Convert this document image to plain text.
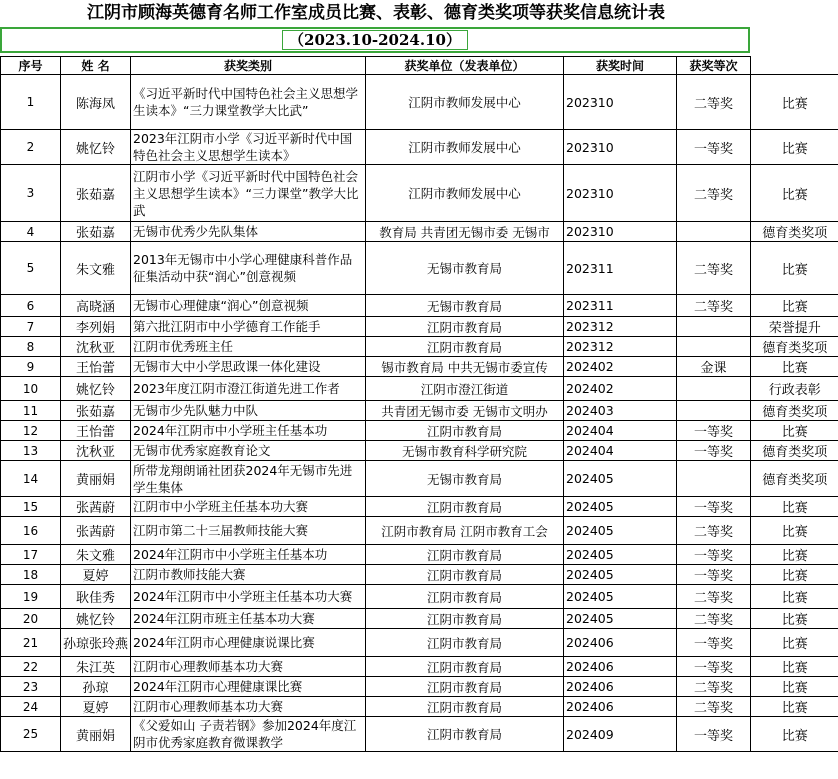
江阴市顾海英德育名师工作室成员比赛、表彰、德育类奖项等获奖信息统计表
（2023.10-2024.10）
序号	姓 名	获奖类别	获奖单位（发表单位）	获奖时间	获奖等次	
1	陈海凤	《习近平新时代中国特色社会主义思想学生读本》“三力课堂教学大比武”	江阴市教师发展中心	202310	二等奖	比赛
2	姚忆铃	2023年江阴市小学《习近平新时代中国特色社会主义思想学生读本》	江阴市教师发展中心	202310	一等奖	比赛
3	张茹嘉	江阴市小学《习近平新时代中国特色社会主义思想学生读本》“三力课堂”教学大比武	江阴市教师发展中心	202310	二等奖	比赛
4	张茹嘉	无锡市优秀少先队集体	教育局 共青团无锡市委 无锡市	202310		德育类奖项
5	朱文雅	2013年无锡市中小学心理健康科普作品征集活动中获“润心”创意视频	无锡市教育局	202311	二等奖	比赛
6	高晓涵	无锡市心理健康“润心”创意视频	无锡市教育局	202311	二等奖	比赛
7	李列娟	第六批江阴市中小学德育工作能手	江阴市教育局	202312		荣誉提升
8	沈秋亚	江阴市优秀班主任	江阴市教育局	202312		德育类奖项
9	王怡蕾	无锡市大中小学思政课一体化建设	锡市教育局 中共无锡市委宣传	202402	金课	比赛
10	姚忆铃	2023年度江阴市澄江街道先进工作者	江阴市澄江街道	202402		行政表彰
11	张茹嘉	无锡市少先队魅力中队	共青团无锡市委 无锡市文明办	202403		德育类奖项
12	王怡蕾	2024年江阴市中小学班主任基本功	江阴市教育局	202404	一等奖	比赛
13	沈秋亚	无锡市优秀家庭教育论文	无锡市教育科学研究院	202404	一等奖	德育类奖项
14	黄丽娟	所带龙翔朗诵社团获2024年无锡市先进学生集体	无锡市教育局	202405		德育类奖项
15	张茜蔚	江阴市中小学班主任基本功大赛	江阴市教育局	202405	一等奖	比赛
16	张茜蔚	江阴市第二十三届教师技能大赛	江阴市教育局 江阴市教育工会	202405	二等奖	比赛
17	朱文雅	2024年江阴市中小学班主任基本功	江阴市教育局	202405	一等奖	比赛
18	夏婷	江阴市教师技能大赛	江阴市教育局	202405	一等奖	比赛
19	耿佳秀	2024年江阴市中小学班主任基本功大赛	江阴市教育局	202405	二等奖	比赛
20	姚忆铃	2024年江阴市班主任基本功大赛	江阴市教育局	202405	二等奖	比赛
21	孙琼张玲燕	2024年江阴市心理健康说课比赛	江阴市教育局	202406	一等奖	比赛
22	朱江英	江阴市心理教师基本功大赛	江阴市教育局	202406	一等奖	比赛
23	孙琼	2024年江阴市心理健康课比赛	江阴市教育局	202406	二等奖	比赛
24	夏婷	江阴市心理教师基本功大赛	江阴市教育局	202406	二等奖	比赛
25	黄丽娟	《父爱如山 子责若钢》参加2024年度江阴市优秀家庭教育微课教学	江阴市教育局	202409	一等奖	比赛
